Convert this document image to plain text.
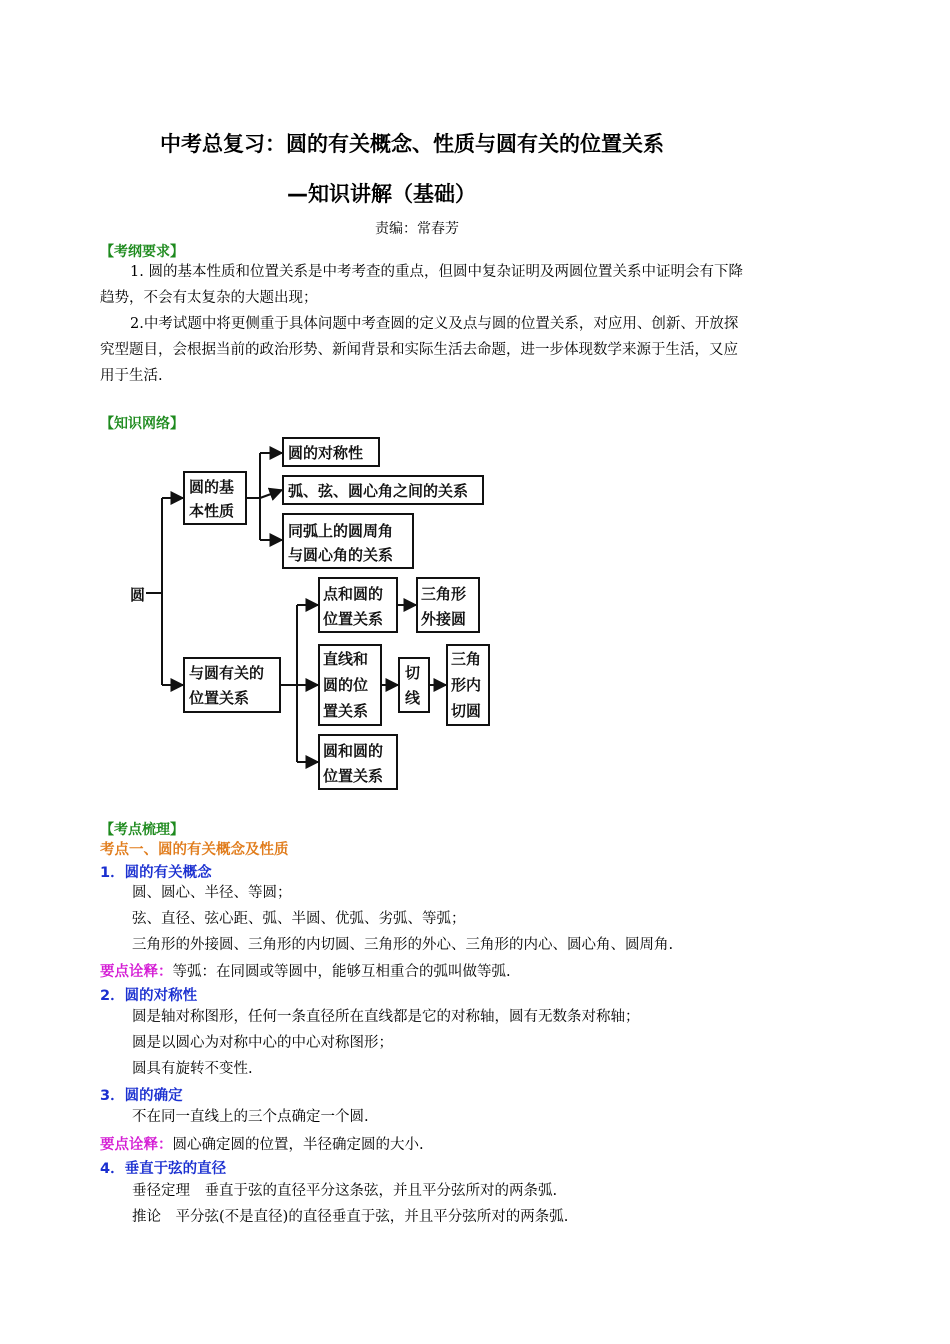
中考总复习：圆的有关概念、性质与圆有关的位置关系
—知识讲解（基础）
责编：常春芳
【考纲要求】
1. 圆的基本性质和位置关系是中考考查的重点，但圆中复杂证明及两圆位置关系中证明会有下降
趋势，不会有太复杂的大题出现；
2.中考试题中将更侧重于具体问题中考查圆的定义及点与圆的位置关系，对应用、创新、开放探
究型题目，会根据当前的政治形势、新闻背景和实际生活去命题，进一步体现数学来源于生活，又应
用于生活.
【知识网络】
圆
圆的基
本性质
圆的对称性
弧、弦、圆心角之间的关系
同弧上的圆周角
与圆心角的关系
与圆有关的
位置关系
点和圆的
位置关系
三角形
外接圆
直线和
圆的位
置关系
切
线
三角
形内
切圆
圆和圆的
位置关系
【考点梳理】
考点一、圆的有关概念及性质
1．圆的有关概念
圆、圆心、半径、等圆；
弦、直径、弦心距、弧、半圆、优弧、劣弧、等弧；
三角形的外接圆、三角形的内切圆、三角形的外心、三角形的内心、圆心角、圆周角.
要点诠释：等弧：在同圆或等圆中，能够互相重合的弧叫做等弧.
2．圆的对称性
圆是轴对称图形，任何一条直径所在直线都是它的对称轴，圆有无数条对称轴；
圆是以圆心为对称中心的中心对称图形；
圆具有旋转不变性.
3．圆的确定
不在同一直线上的三个点确定一个圆.
要点诠释：圆心确定圆的位置，半径确定圆的大小.
4．垂直于弦的直径
垂径定理　垂直于弦的直径平分这条弦，并且平分弦所对的两条弧.
推论　平分弦(不是直径)的直径垂直于弦，并且平分弦所对的两条弧.
